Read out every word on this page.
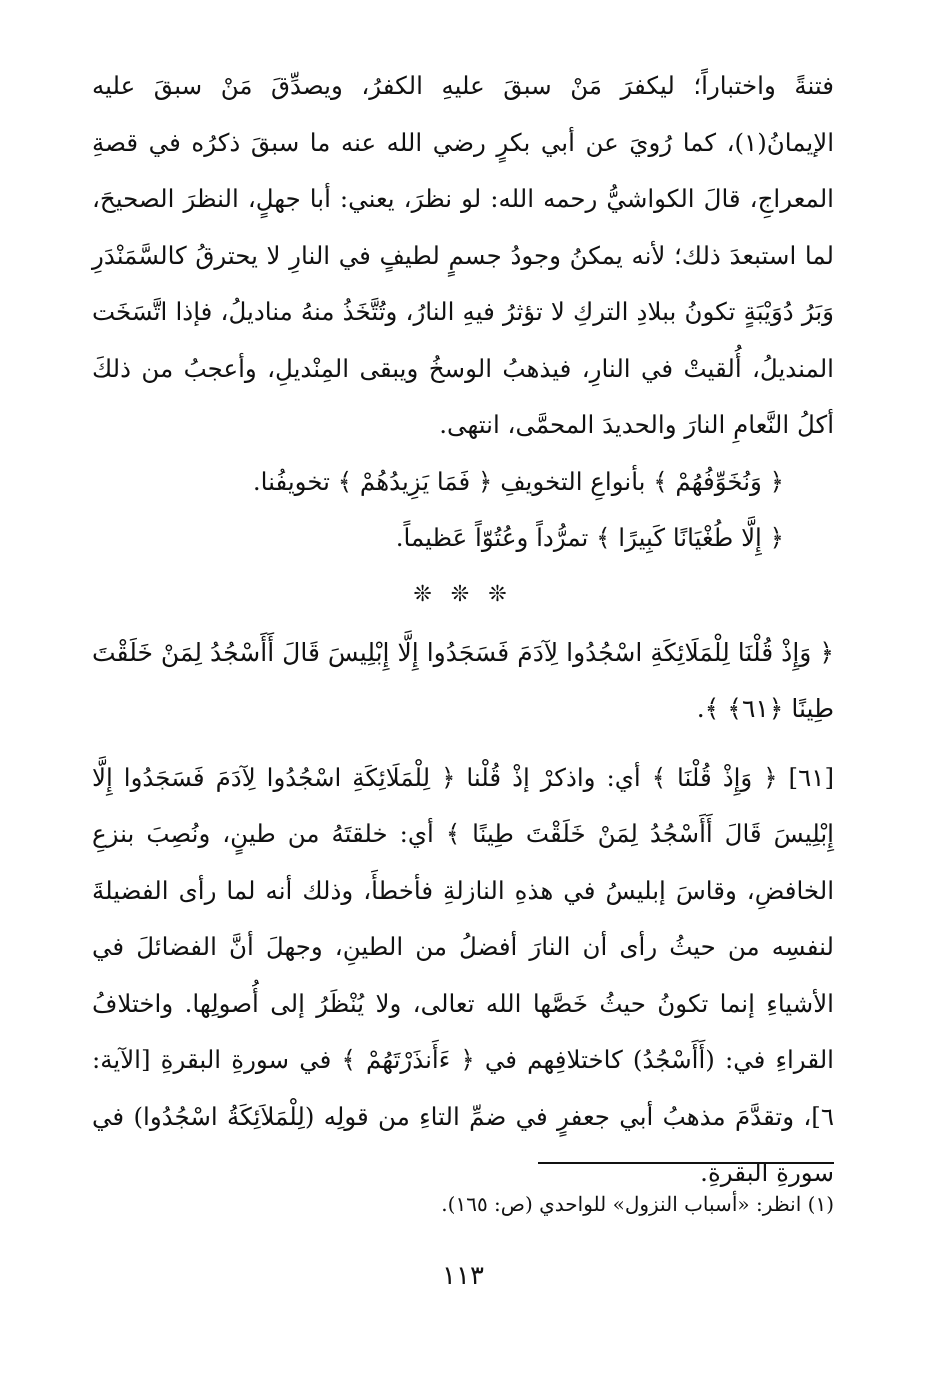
فتنةً واختباراً؛ ليكفرَ مَنْ سبقَ عليهِ الكفرُ، ويصدِّقَ مَنْ سبقَ عليه الإيمانُ(١)، كما رُويَ عن أبي بكرٍ رضي الله عنه ما سبقَ ذكرُه في قصةِ المعراجِ، قالَ الكواشيُّ رحمه الله: لو نظرَ، يعني: أبا جهلٍ، النظرَ الصحيحَ، لما استبعدَ ذلك؛ لأنه يمكنُ وجودُ جسمٍ لطيفٍ في النارِ لا يحترقُ كالسَّمَنْدَرِ وَبَرُ دُوَيْبَةٍ تكونُ ببلادِ التركِ لا تؤثرُ فيهِ النارُ، وتُتَّخَذُ منهُ مناديلُ، فإذا اتَّسَخَت المنديلُ، أُلقيتْ في النارِ، فيذهبُ الوسخُ ويبقى المِنْديلِ، وأعجبُ من ذلكَ أكلُ النَّعامِ النارَ والحديدَ المحمَّى، انتهى.

﴿ وَنُخَوِّفُهُمْ ﴾ بأنواعِ التخويفِ ﴿ فَمَا يَزِيدُهُمْ ﴾ تخويفُنا.

﴿ إِلَّا طُغْيَانًا كَبِيرًا ﴾ تمرُّداً وعُتُوّاً عَظيماً.

❊ ❊ ❊

﴿ وَإِذْ قُلْنَا لِلْمَلَائِكَةِ اسْجُدُوا لِآدَمَ فَسَجَدُوا إِلَّا إِبْلِيسَ قَالَ أَأَسْجُدُ لِمَنْ خَلَقْتَ طِينًا ﴿٦١﴾ ﴾.

[٦١] ﴿ وَإِذْ قُلْنَا ﴾ أي: واذكرْ إذْ قُلْنا ﴿ لِلْمَلَائِكَةِ اسْجُدُوا لِآدَمَ فَسَجَدُوا إِلَّا إِبْلِيسَ قَالَ أَأَسْجُدُ لِمَنْ خَلَقْتَ طِينًا ﴾ أي: خلقتَهُ من طينٍ، ونُصِبَ بنزعِ الخافضِ، وقاسَ إبليسُ في هذهِ النازلةِ فأخطأَ، وذلك أنه لما رأى الفضيلةَ لنفسِه من حيثُ رأى أن النارَ أفضلُ من الطينِ، وجهلَ أنَّ الفضائلَ في الأشياءِ إنما تكونُ حيثُ خَصَّها الله تعالى، ولا يُنْظَرُ إلى أُصولِها. واختلافُ القراءِ في: (أَأَسْجُدُ) كاختلافِهم في ﴿ ءَأَنذَرْتَهُمْ ﴾ في سورةِ البقرةِ [الآية: ٦]، وتقدَّمَ مذهبُ أبي جعفرٍ في ضمِّ التاءِ من قولِه (لِلْمَلاَئِكَةُ اسْجُدُوا) في سورةِ البقرةِ.

(١) انظر: «أسباب النزول» للواحدي (ص: ١٦٥).
١١٣
